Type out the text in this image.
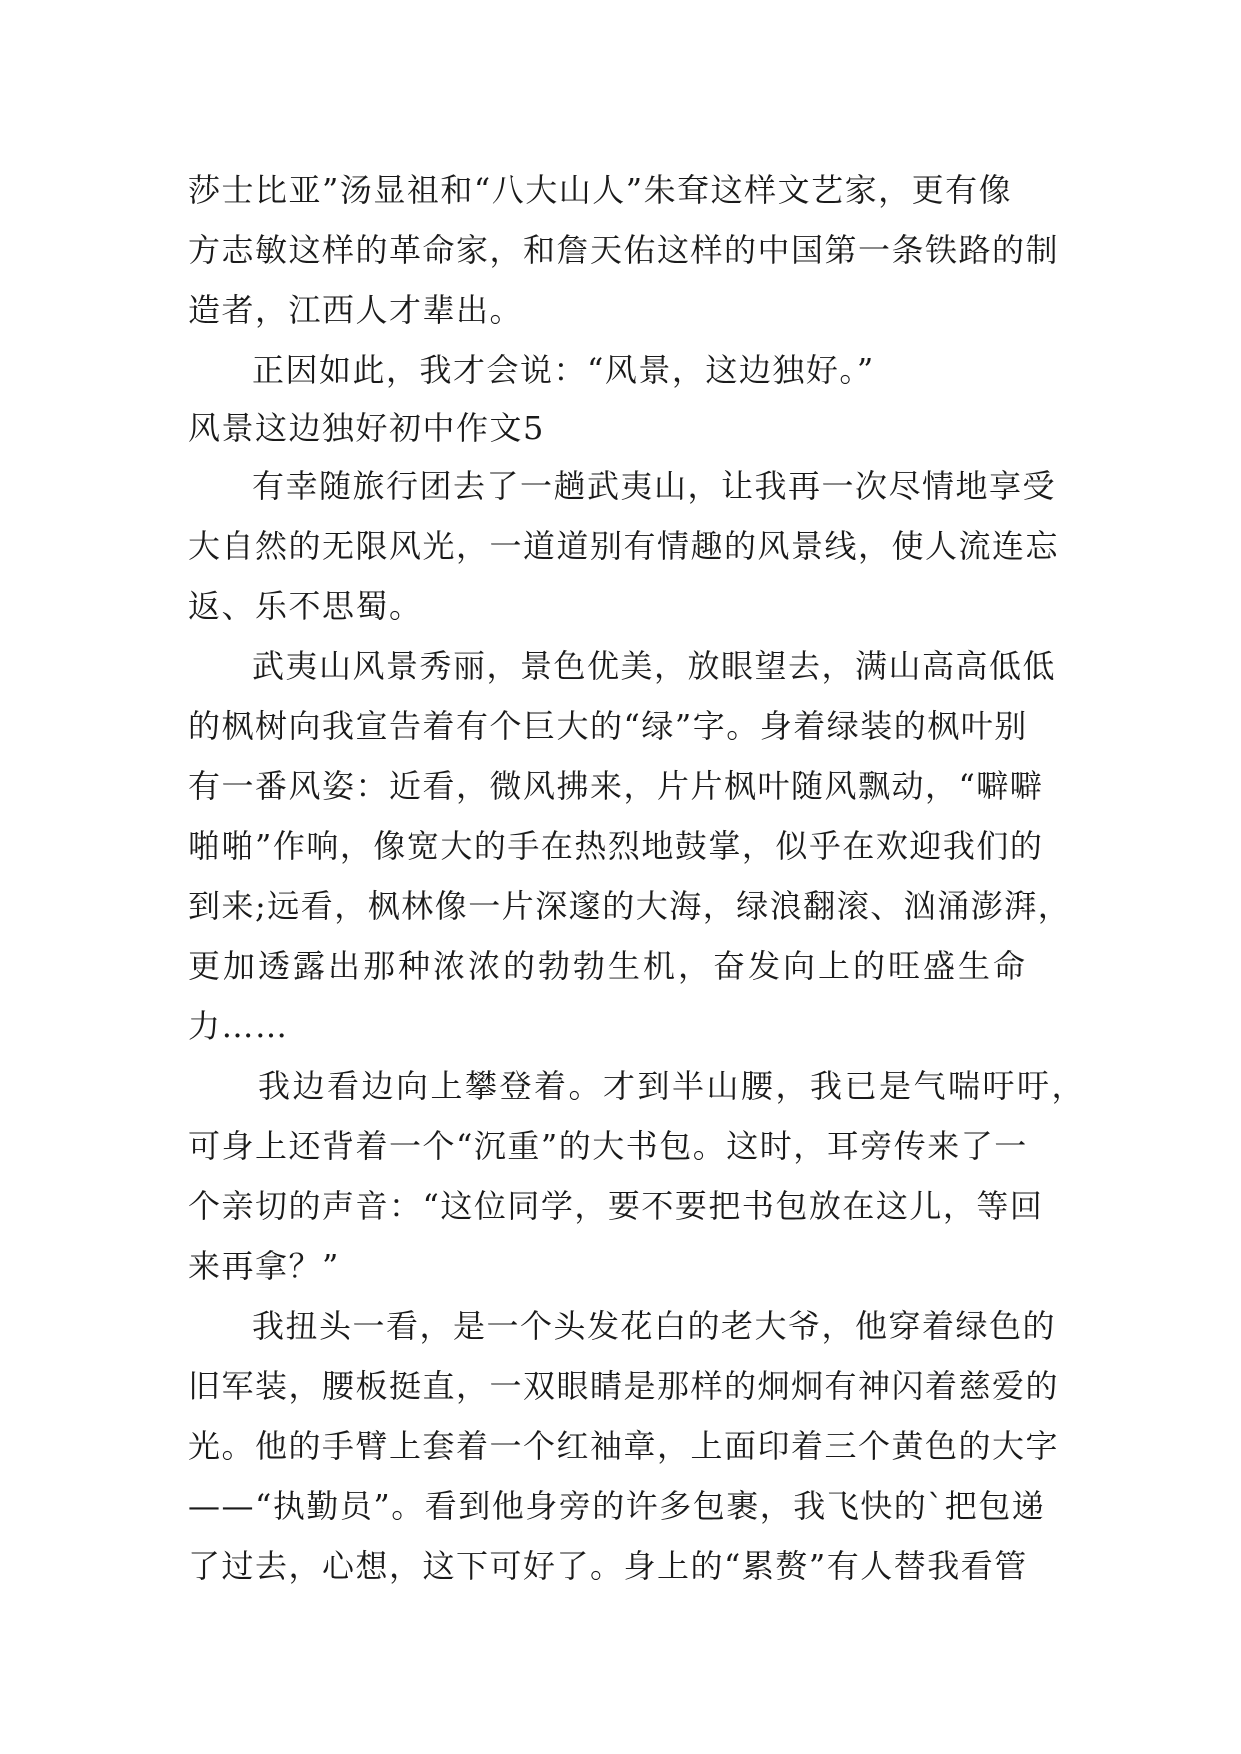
莎士比亚”汤显祖和“八大山人”朱耷这样文艺家，更有像
方志敏这样的革命家，和詹天佑这样的中国第一条铁路的制
造者，江西人才辈出。
正因如此，我才会说：“风景，这边独好。”
风景这边独好初中作文5
有幸随旅行团去了一趟武夷山，让我再一次尽情地享受
大自然的无限风光，一道道别有情趣的风景线，使人流连忘
返、乐不思蜀。
武夷山风景秀丽，景色优美，放眼望去，满山高高低低
的枫树向我宣告着有个巨大的“绿”字。身着绿装的枫叶别
有一番风姿：近看，微风拂来，片片枫叶随风飘动，“噼噼
啪啪”作响，像宽大的手在热烈地鼓掌，似乎在欢迎我们的
到来;远看，枫林像一片深邃的大海，绿浪翻滚、汹涌澎湃，
更加透露出那种浓浓的勃勃生机，奋发向上的旺盛生命
力……
我边看边向上攀登着。才到半山腰，我已是气喘吁吁，
可身上还背着一个“沉重”的大书包。这时，耳旁传来了一
个亲切的声音：“这位同学，要不要把书包放在这儿，等回
来再拿？”
我扭头一看，是一个头发花白的老大爷，他穿着绿色的
旧军装，腰板挺直，一双眼睛是那样的炯炯有神闪着慈爱的
光。他的手臂上套着一个红袖章，上面印着三个黄色的大字
——“执勤员”。看到他身旁的许多包裹，我飞快的`把包递
了过去，心想，这下可好了。身上的“累赘”有人替我看管
